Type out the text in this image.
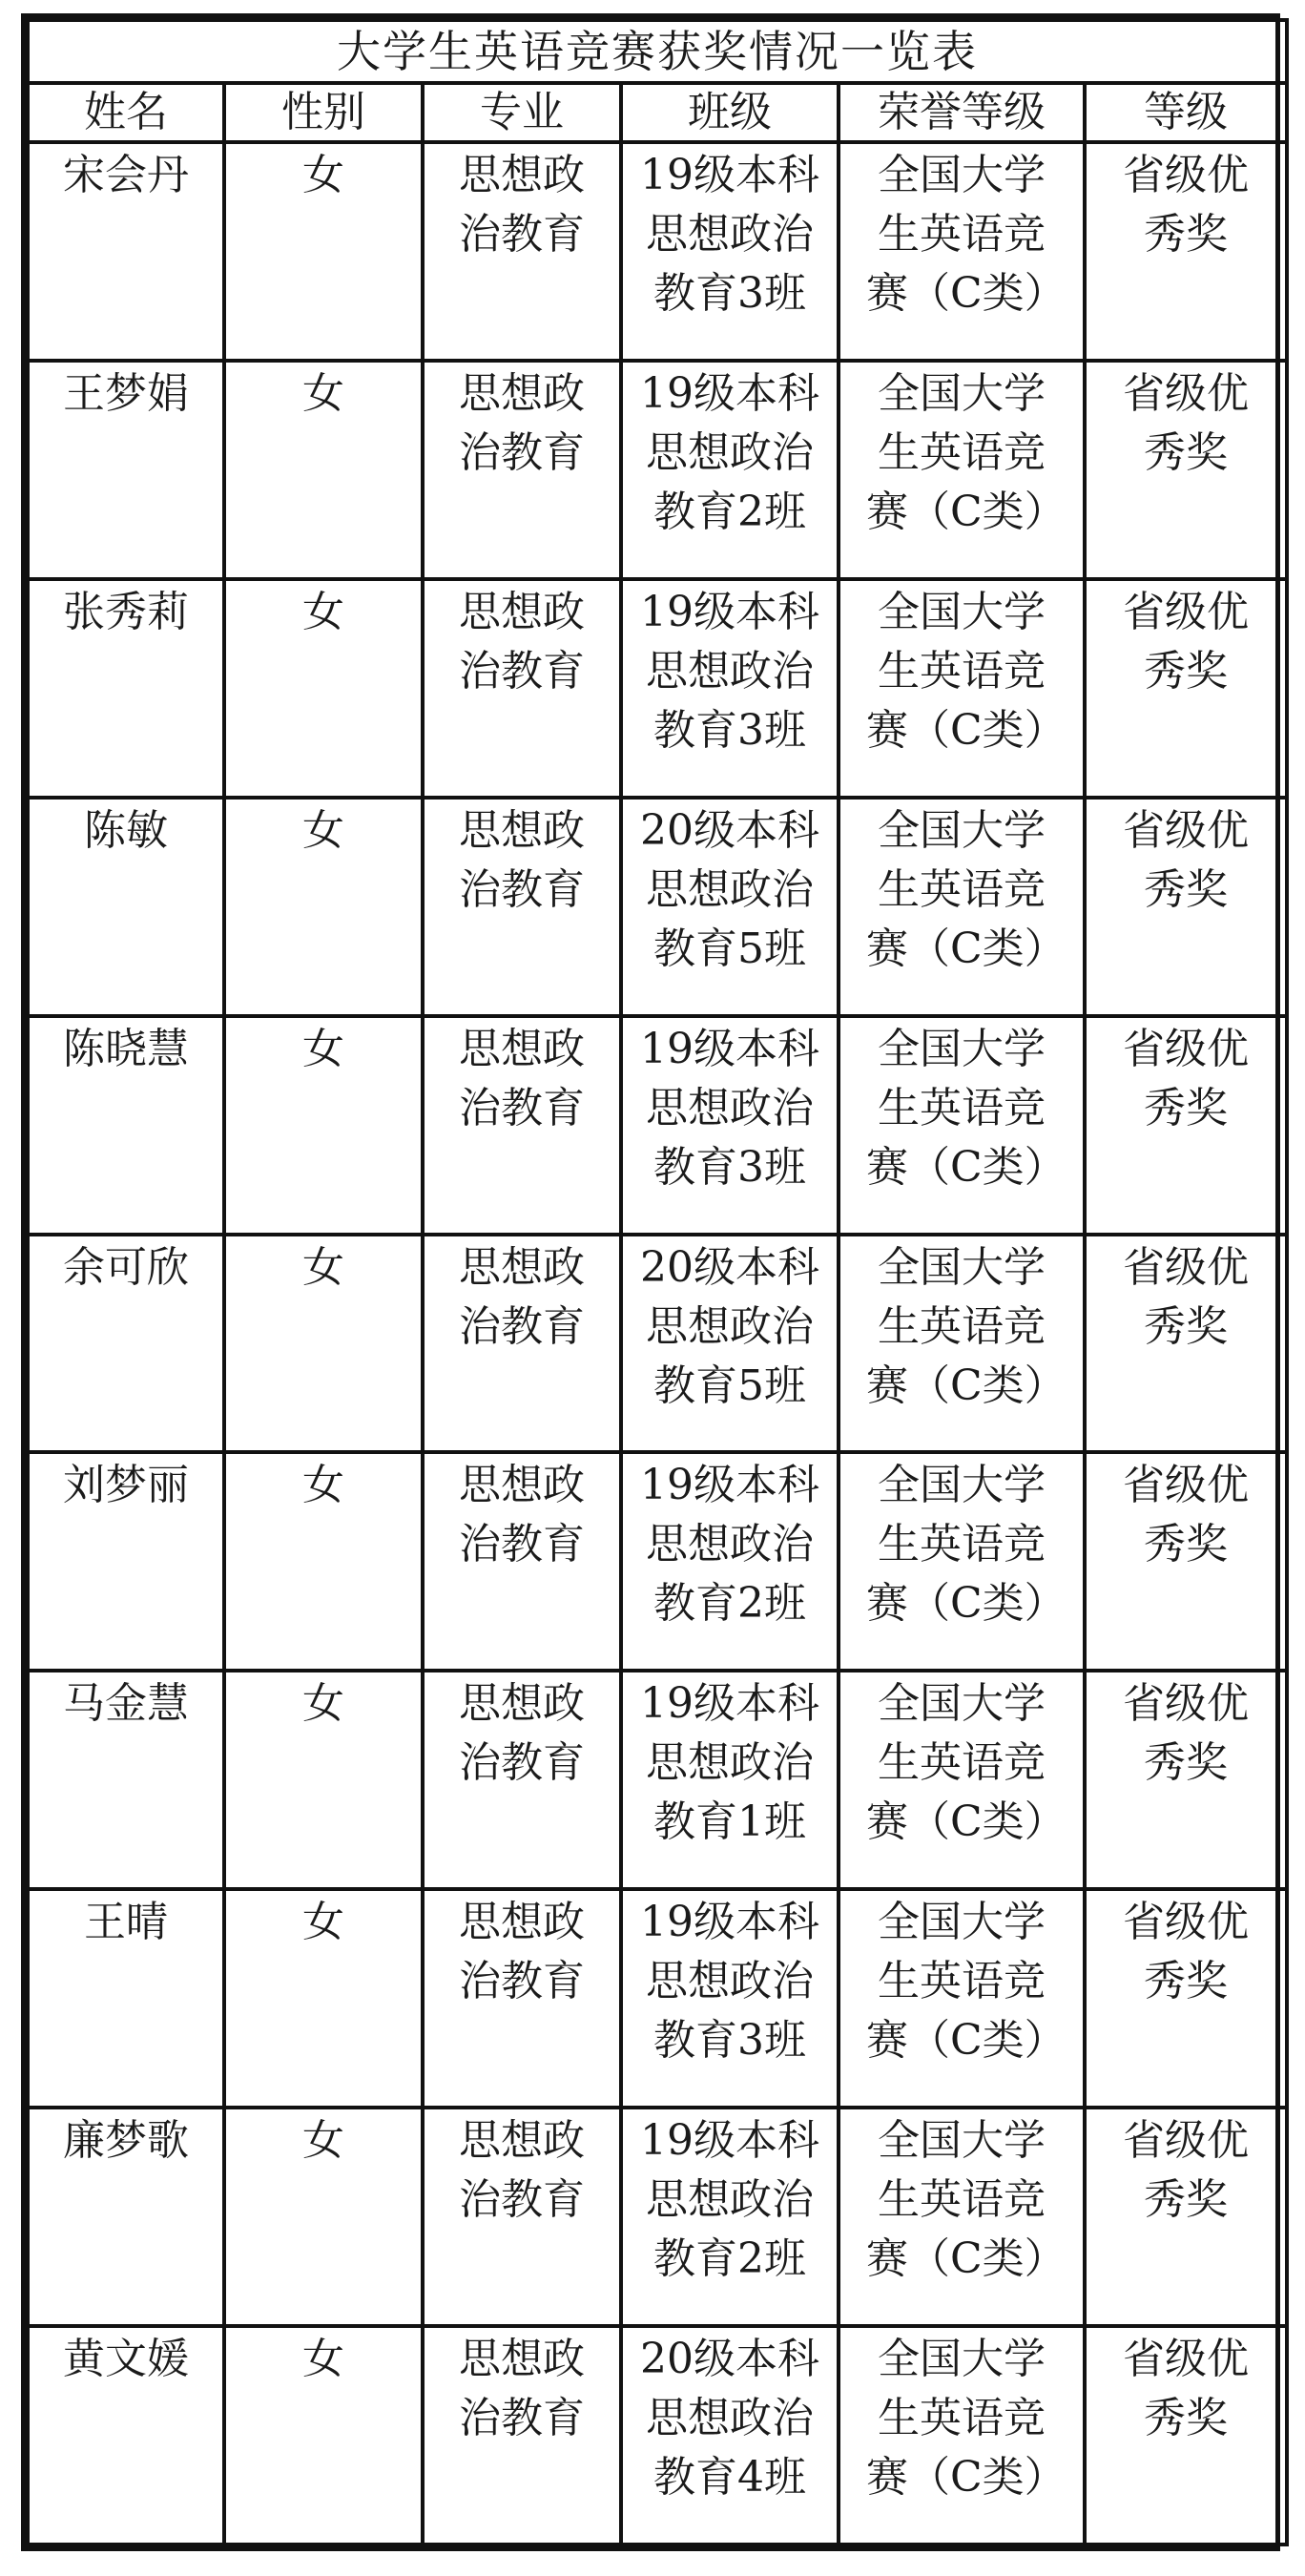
大学生英语竞赛获奖情况一览表					
姓名	性别	专业	班级	荣誉等级	等级
宋会丹	女	思想政治教育	19级本科思想政治教育3班	全国大学生英语竞赛（C类）	省级优秀奖
王梦娟	女	思想政治教育	19级本科思想政治教育2班	全国大学生英语竞赛（C类）	省级优秀奖
张秀莉	女	思想政治教育	19级本科思想政治教育3班	全国大学生英语竞赛（C类）	省级优秀奖
陈敏	女	思想政治教育	20级本科思想政治教育5班	全国大学生英语竞赛（C类）	省级优秀奖
陈晓慧	女	思想政治教育	19级本科思想政治教育3班	全国大学生英语竞赛（C类）	省级优秀奖
余可欣	女	思想政治教育	20级本科思想政治教育5班	全国大学生英语竞赛（C类）	省级优秀奖
刘梦丽	女	思想政治教育	19级本科思想政治教育2班	全国大学生英语竞赛（C类）	省级优秀奖
马金慧	女	思想政治教育	19级本科思想政治教育1班	全国大学生英语竞赛（C类）	省级优秀奖
王晴	女	思想政治教育	19级本科思想政治教育3班	全国大学生英语竞赛（C类）	省级优秀奖
廉梦歌	女	思想政治教育	19级本科思想政治教育2班	全国大学生英语竞赛（C类）	省级优秀奖
黄文媛	女	思想政治教育	20级本科思想政治教育4班	全国大学生英语竞赛（C类）	省级优秀奖
